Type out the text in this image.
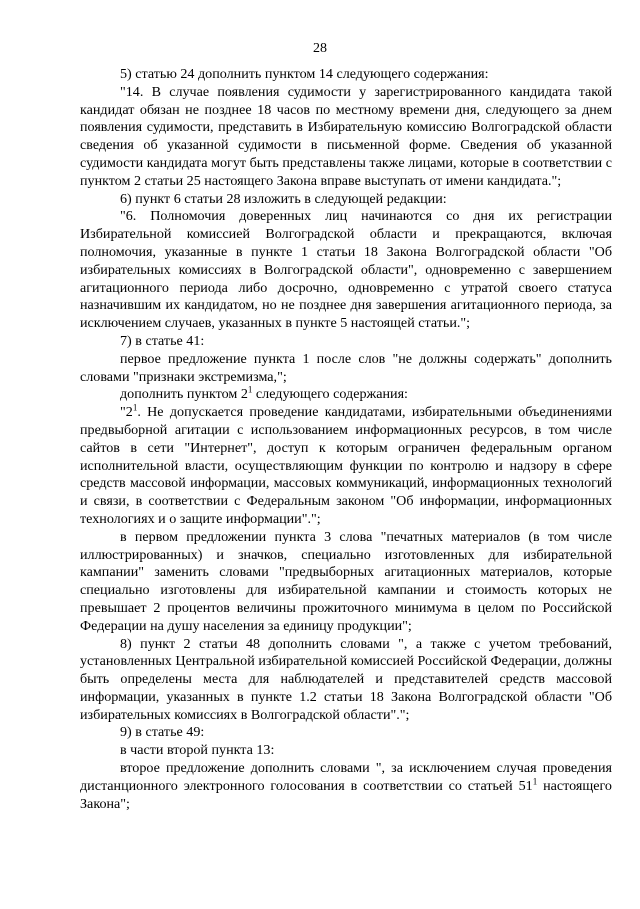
28

5) статью 24 дополнить пунктом 14 следующего содержания:

"14. В случае появления судимости у зарегистрированного кандидата такой кандидат обязан не позднее 18 часов по местному времени дня, следующего за днем появления судимости, представить в Избирательную комиссию Волгоградской области сведения об указанной судимости в письменной форме. Сведения об указанной судимости кандидата могут быть представлены также лицами, которые в соответствии с пунктом 2 статьи 25 настоящего Закона вправе выступать от имени кандидата.";

6) пункт 6 статьи 28 изложить в следующей редакции:

"6. Полномочия доверенных лиц начинаются со дня их регистрации Избирательной комиссией Волгоградской области и прекращаются, включая полномочия, указанные в пункте 1 статьи 18 Закона Волгоградской области "Об избирательных комиссиях в Волгоградской области", одновременно с завершением агитационного периода либо досрочно, одновременно с утратой своего статуса назначившим их кандидатом, но не позднее дня завершения агитационного периода, за исключением случаев, указанных в пункте 5 настоящей статьи.";

7) в статье 41:

первое предложение пункта 1 после слов "не должны содержать" дополнить словами "признаки экстремизма,";

дополнить пунктом $2^1$ следующего содержания:

"$2^1$. Не допускается проведение кандидатами, избирательными объединениями предвыборной агитации с использованием информационных ресурсов, в том числе сайтов в сети "Интернет", доступ к которым ограничен федеральным органом исполнительной власти, осуществляющим функции по контролю и надзору в сфере средств массовой информации, массовых коммуникаций, информационных технологий и связи, в соответствии с Федеральным законом "Об информации, информационных технологиях и о защите информации".";

в первом предложении пункта 3 слова "печатных материалов (в том числе иллюстрированных) и значков, специально изготовленных для избирательной кампании" заменить словами "предвыборных агитационных материалов, которые специально изготовлены для избирательной кампании и стоимость которых не превышает 2 процентов величины прожиточного минимума в целом по Российской Федерации на душу населения за единицу продукции";

8) пункт 2 статьи 48 дополнить словами ", а также с учетом требований, установленных Центральной избирательной комиссией Российской Федерации, должны быть определены места для наблюдателей и представителей средств массовой информации, указанных в пункте 1.2 статьи 18 Закона Волгоградской области "Об избирательных комиссиях в Волгоградской области".";

9) в статье 49:

в части второй пункта 13:

второе предложение дополнить словами ", за исключением случая проведения дистанционного электронного голосования в соответствии со статьей $51^1$ настоящего Закона";
